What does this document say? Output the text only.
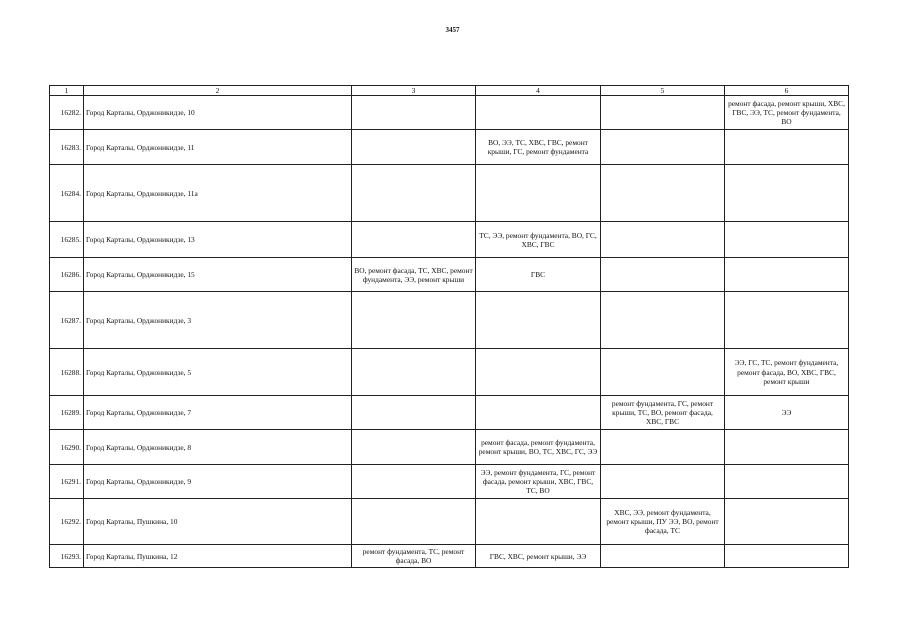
3457
1	2	3	4	5	6
16282.	Город Карталы, Орджоникидзе, 10				ремонт фасада, ремонт крыши, ХВС, ГВС, ЭЭ, ТС, ремонт фундамента, ВО
16283.	Город Карталы, Орджоникидзе, 11		ВО, ЭЭ, ТС, ХВС, ГВС, ремонт крыши, ГС, ремонт фундамента		
16284.	Город Карталы, Орджоникидзе, 11а				
16285.	Город Карталы, Орджоникидзе, 13		ТС, ЭЭ, ремонт фундамента, ВО, ГС, ХВС, ГВС		
16286.	Город Карталы, Орджоникидзе, 15	ВО, ремонт фасада, ТС, ХВС, ремонт фундамента, ЭЭ, ремонт крыши	ГВС		
16287.	Город Карталы, Орджоникидзе, 3				
16288.	Город Карталы, Орджоникидзе, 5				ЭЭ, ГС, ТС, ремонт фундамента, ремонт фасада, ВО, ХВС, ГВС, ремонт крыши
16289.	Город Карталы, Орджоникидзе, 7			ремонт фундамента, ГС, ремонт крыши, ТС, ВО, ремонт фасада, ХВС, ГВС	ЭЭ
16290.	Город Карталы, Орджоникидзе, 8		ремонт фасада, ремонт фундамента, ремонт крыши, ВО, ТС, ХВС, ГС, ЭЭ		
16291.	Город Карталы, Орджоникидзе, 9		ЭЭ, ремонт фундамента, ГС, ремонт фасада, ремонт крыши, ХВС, ГВС, ТС, ВО		
16292.	Город Карталы, Пушкина, 10			ХВС, ЭЭ, ремонт фундамента, ремонт крыши, ПУ ЭЭ, ВО, ремонт фасада, ТС	
16293.	Город Карталы, Пушкина, 12	ремонт фундамента, ТС, ремонт фасада, ВО	ГВС, ХВС, ремонт крыши, ЭЭ		
